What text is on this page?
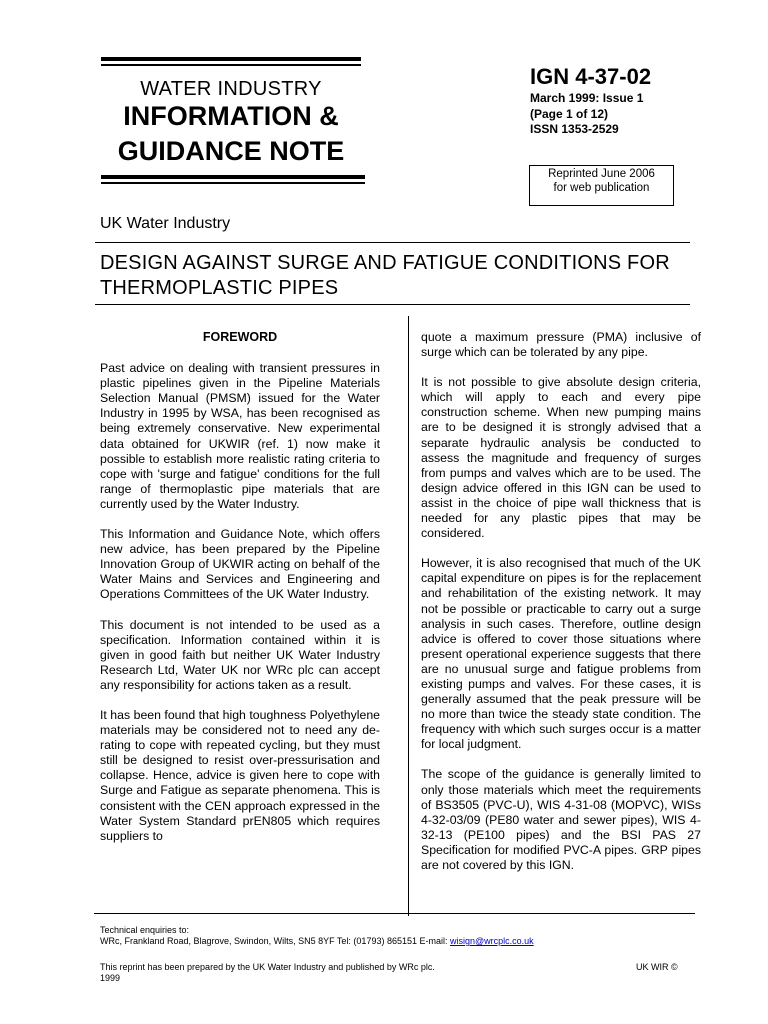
WATER INDUSTRY
INFORMATION &
GUIDANCE NOTE
IGN 4-37-02
March 1999: Issue 1
(Page 1 of 12)
ISSN 1353-2529
Reprinted June 2006
for web publication
UK Water Industry
DESIGN AGAINST SURGE AND FATIGUE CONDITIONS FOR
THERMOPLASTIC PIPES
FOREWORD

Past advice on dealing with transient pressures in plastic pipelines given in the Pipeline Materials Selection Manual (PMSM) issued for the Water Industry in 1995 by WSA, has been recognised as being extremely conservative. New experimental data obtained for UKWIR (ref. 1) now make it possible to establish more realistic rating criteria to cope with 'surge and fatigue' conditions for the full range of thermoplastic pipe materials that are currently used by the Water Industry.

This Information and Guidance Note, which offers new advice, has been prepared by the Pipeline Innovation Group of UKWIR acting on behalf of the Water Mains and Services and Engineering and Operations Committees of the UK Water Industry.

This document is not intended to be used as a specification. Information contained within it is given in good faith but neither UK Water Industry Research Ltd, Water UK nor WRc plc can accept any responsibility for actions taken as a result.

It has been found that high toughness Polyethylene materials may be considered not to need any de-rating to cope with repeated cycling, but they must still be designed to resist over-pressurisation and collapse. Hence, advice is given here to cope with Surge and Fatigue as separate phenomena. This is consistent with the CEN approach expressed in the Water System Standard prEN805 which requires suppliers to

quote a maximum pressure (PMA) inclusive of surge which can be tolerated by any pipe.

It is not possible to give absolute design criteria, which will apply to each and every pipe construction scheme. When new pumping mains are to be designed it is strongly advised that a separate hydraulic analysis be conducted to assess the magnitude and frequency of surges from pumps and valves which are to be used. The design advice offered in this IGN can be used to assist in the choice of pipe wall thickness that is needed for any plastic pipes that may be considered.

However, it is also recognised that much of the UK capital expenditure on pipes is for the replacement and rehabilitation of the existing network. It may not be possible or practicable to carry out a surge analysis in such cases. Therefore, outline design advice is offered to cover those situations where present operational experience suggests that there are no unusual surge and fatigue problems from existing pumps and valves. For these cases, it is generally assumed that the peak pressure will be no more than twice the steady state condition. The frequency with which such surges occur is a matter for local judgment.

The scope of the guidance is generally limited to only those materials which meet the requirements of BS3505 (PVC-U), WIS 4-31-08 (MOPVC), WISs 4-32-03/09 (PE80 water and sewer pipes), WIS 4-32-13 (PE100 pipes) and the BSI PAS 27 Specification for modified PVC-A pipes. GRP pipes are not covered by this IGN.

Technical enquiries to:
WRc, Frankland Road, Blagrove, Swindon, Wilts, SN5 8YF Tel: (01793) 865151 E-mail: wisign@wrcplc.co.uk
This reprint has been prepared by the UK Water Industry and published by WRc plc.
1999
UK WIR ©
